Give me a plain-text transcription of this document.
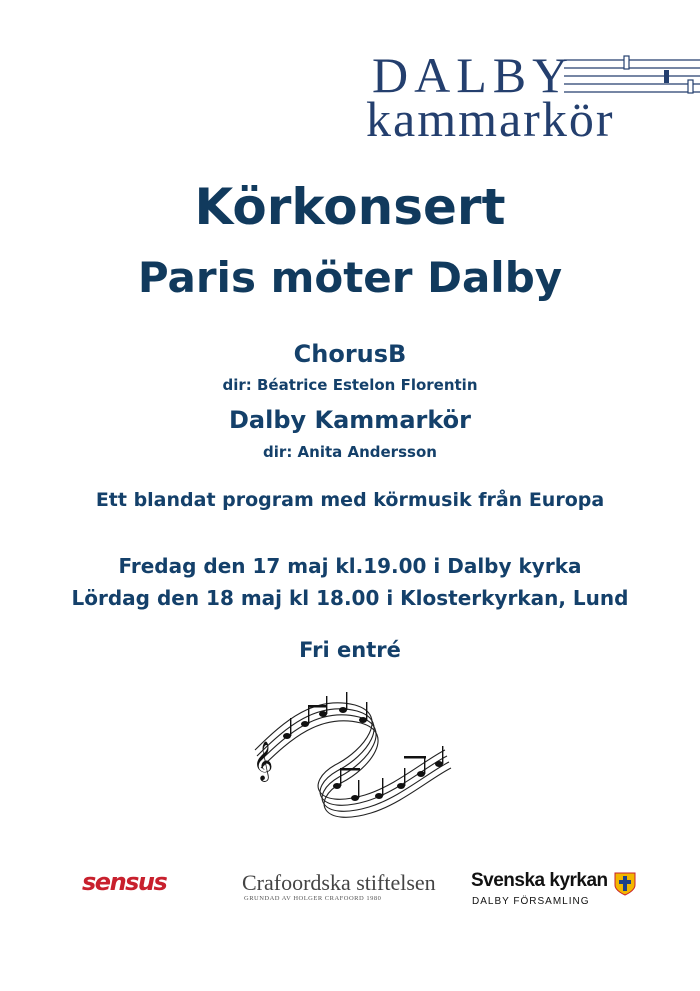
DALBY
kammarkör
Körkonsert
Paris möter Dalby
ChorusB
dir: Béatrice Estelon Florentin
Dalby Kammarkör
dir: Anita Andersson
Ett blandat program med körmusik från Europa
Fredag den 17 maj kl.19.00 i Dalby kyrka
Lördag den 18 maj kl 18.00 i Klosterkyrkan, Lund
Fri entré
𝄞
sensus	Crafoordska stiftelsen
GRUNDAD AV HOLGER CRAFOORD 1980
Svenska kyrkan
DALBY FÖRSAMLING
